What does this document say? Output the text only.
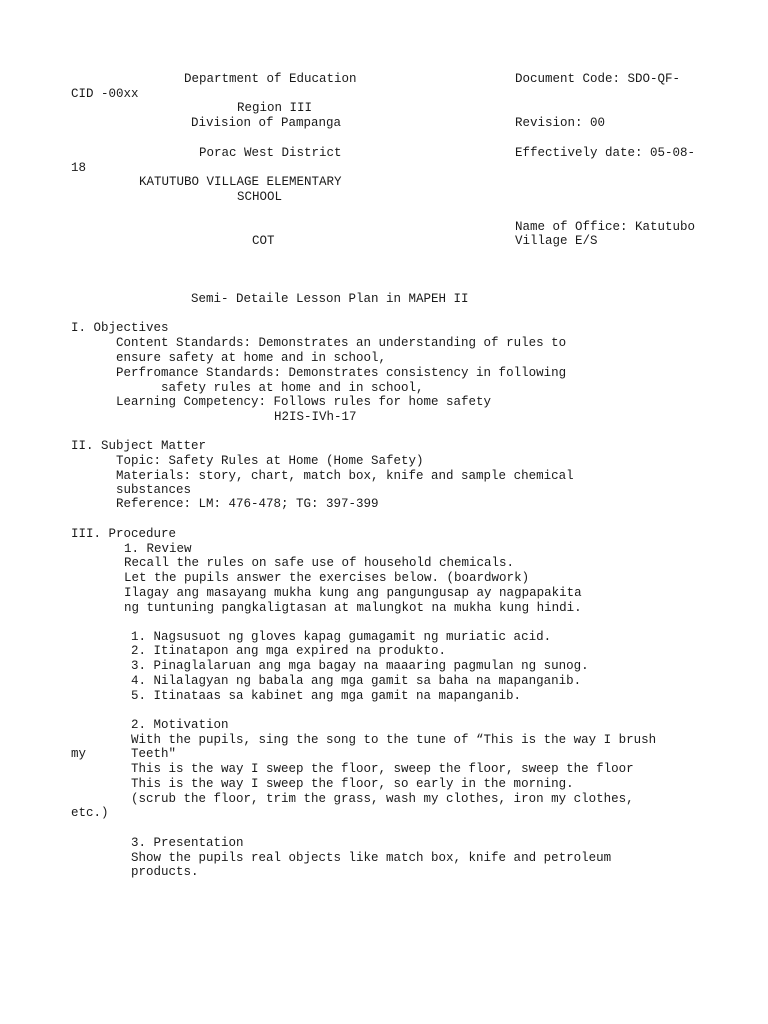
Department of Education	Document Code: SDO-QF-
CID -00xx
Region III
Division of Pampanga	Revision: 00
Porac West District	Effectively date: 05-08-
18
KATUTUBO VILLAGE ELEMENTARY
SCHOOL
Name of Office: Katutubo
COT	Village E/S
Semi- Detaile Lesson Plan in MAPEH II
I. Objectives
Content Standards: Demonstrates an understanding of rules to
ensure safety at home and in school,
Perfromance Standards: Demonstrates consistency in following
safety rules at home and in school,
Learning Competency: Follows rules for home safety
H2IS-IVh-17
II. Subject Matter
Topic: Safety Rules at Home (Home Safety)
Materials: story, chart, match box, knife and sample chemical
substances
Reference: LM: 476-478; TG: 397-399
III. Procedure
1. Review
Recall the rules on safe use of household chemicals.
Let the pupils answer the exercises below. (boardwork)
Ilagay ang masayang mukha kung ang pangungusap ay nagpapakita
ng tuntuning pangkaligtasan at malungkot na mukha kung hindi.
1. Nagsusuot ng gloves kapag gumagamit ng muriatic acid.
2. Itinatapon ang mga expired na produkto.
3. Pinaglalaruan ang mga bagay na maaaring pagmulan ng sunog.
4. Nilalagyan ng babala ang mga gamit sa baha na mapanganib.
5. Itinataas sa kabinet ang mga gamit na mapanganib.
2. Motivation
With the pupils, sing the song to the tune of “This is the way I brush
my	Teeth"
This is the way I sweep the floor, sweep the floor, sweep the floor
This is the way I sweep the floor, so early in the morning.
(scrub the floor, trim the grass, wash my clothes, iron my clothes,
etc.)
3. Presentation
Show the pupils real objects like match box, knife and petroleum
products.
